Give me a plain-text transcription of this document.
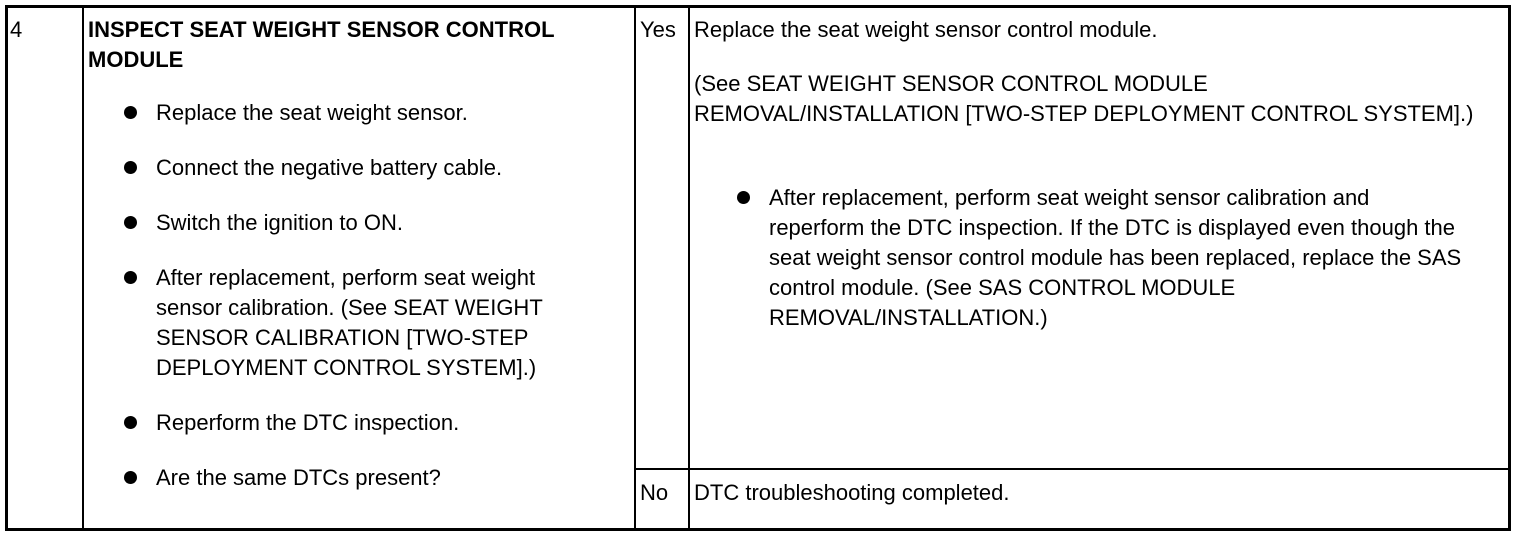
4	INSPECT SEAT WEIGHT SENSOR CONTROL MODULE
Replace the seat weight sensor.
Connect the negative battery cable.
Switch the ignition to ON.
After replacement, perform seat weight sensor calibration. (See SEAT WEIGHT SENSOR CALIBRATION [TWO-STEP DEPLOYMENT CONTROL SYSTEM].)
Reperform the DTC inspection.
Are the same DTCs present?
Yes Replace the seat weight sensor control module.
(See SEAT WEIGHT SENSOR CONTROL MODULE REMOVAL/INSTALLATION [TWO-STEP DEPLOYMENT CONTROL SYSTEM].)
After replacement, perform seat weight sensor calibration and reperform the DTC inspection. If the DTC is displayed even though the seat weight sensor control module has been replaced, replace the SAS control module. (See SAS CONTROL MODULE REMOVAL/INSTALLATION.)
No DTC troubleshooting completed.
